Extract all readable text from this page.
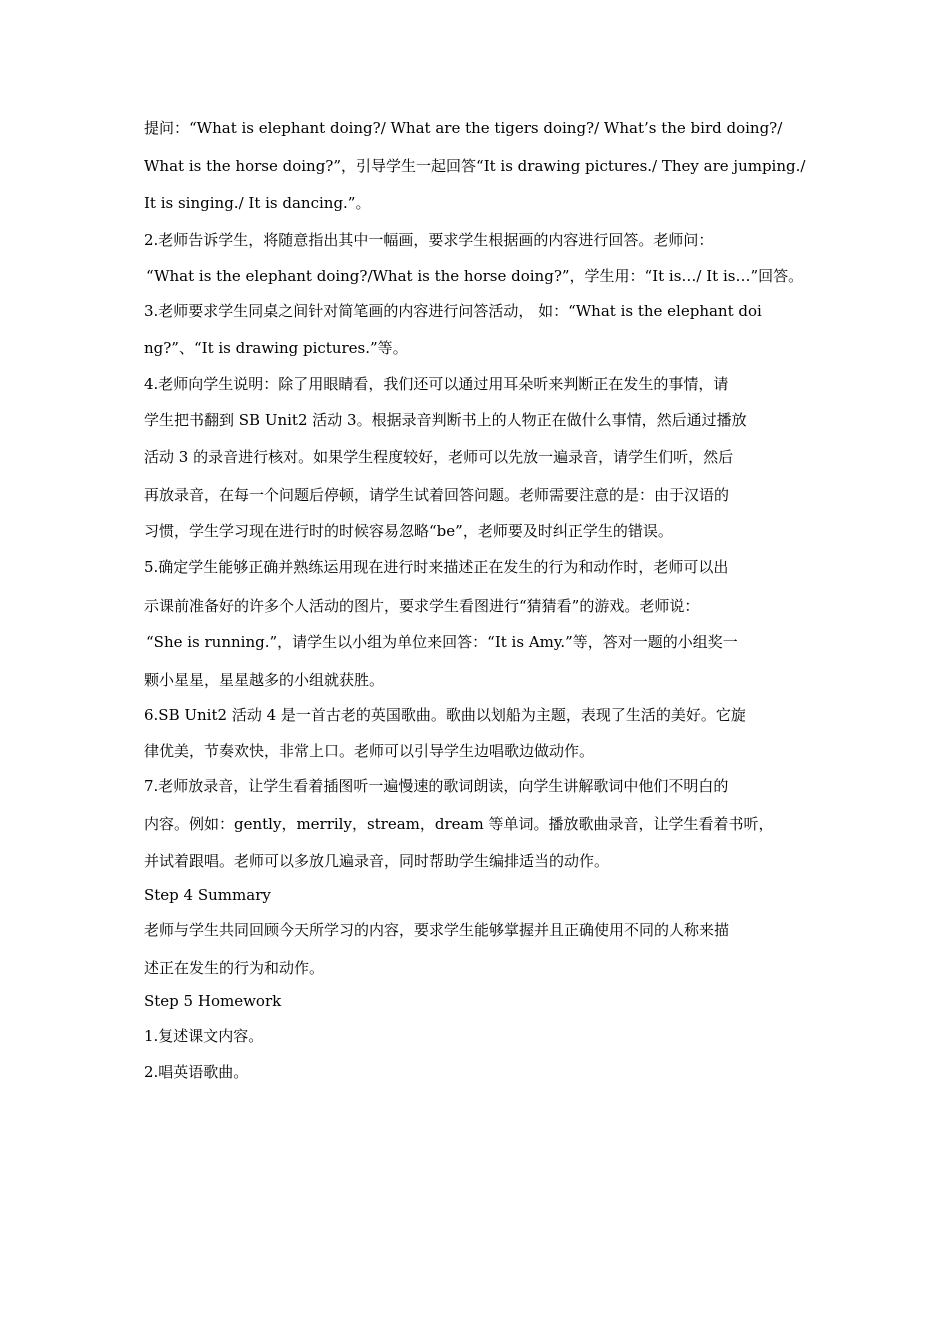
提问：“What is elephant doing?/ What are the tigers doing?/ What’s the bird doing?/
What is the horse doing?”，引导学生一起回答“It is drawing pictures./ They are jumping./
It is singing./ It is dancing.”。
2.老师告诉学生，将随意指出其中一幅画，要求学生根据画的内容进行回答。老师问：
“What is the elephant doing?/What is the horse doing?”，学生用：“It is…/ It is…”回答。
3.老师要求学生同桌之间针对简笔画的内容进行问答活动， 如：“What is the elephant doi
ng?”、“It is drawing pictures.”等。
4.老师向学生说明：除了用眼睛看，我们还可以通过用耳朵听来判断正在发生的事情，请
学生把书翻到 SB Unit2 活动 3。根据录音判断书上的人物正在做什么事情，然后通过播放
活动 3 的录音进行核对。如果学生程度较好，老师可以先放一遍录音，请学生们听，然后
再放录音，在每一个问题后停顿，请学生试着回答问题。老师需要注意的是：由于汉语的
习惯，学生学习现在进行时的时候容易忽略“be”，老师要及时纠正学生的错误。
5.确定学生能够正确并熟练运用现在进行时来描述正在发生的行为和动作时，老师可以出
示课前准备好的许多个人活动的图片，要求学生看图进行“猜猜看”的游戏。老师说：
“She is running.”，请学生以小组为单位来回答：“It is Amy.”等，答对一题的小组奖一
颗小星星，星星越多的小组就获胜。
6.SB Unit2 活动 4 是一首古老的英国歌曲。歌曲以划船为主题，表现了生活的美好。它旋
律优美，节奏欢快，非常上口。老师可以引导学生边唱歌边做动作。
7.老师放录音，让学生看着插图听一遍慢速的歌词朗读，向学生讲解歌词中他们不明白的
内容。例如：gently，merrily，stream，dream 等单词。播放歌曲录音，让学生看着书听，
并试着跟唱。老师可以多放几遍录音，同时帮助学生编排适当的动作。
Step 4 Summary
老师与学生共同回顾今天所学习的内容，要求学生能够掌握并且正确使用不同的人称来描
述正在发生的行为和动作。
Step 5 Homework
1.复述课文内容。
2.唱英语歌曲。
